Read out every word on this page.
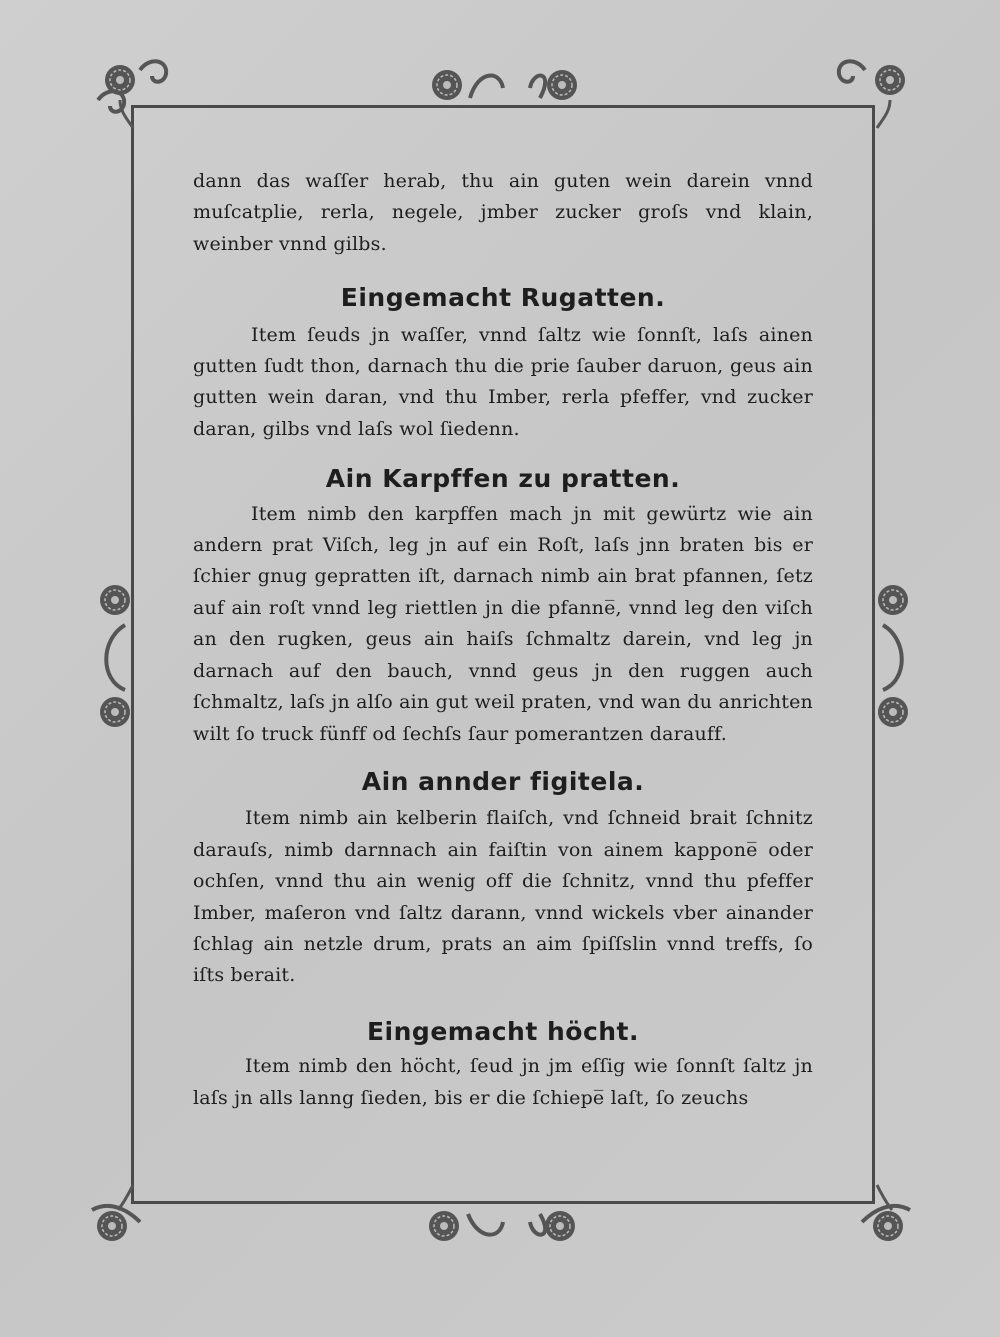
dann das waſſer herab, thu ain guten wein darein vnnd muſcatplie, rerla, negele, jmber zucker groſs vnd klain, weinber vnnd gilbs.

Eingemacht Rugatten.

Item ſeuds jn waſſer, vnnd ſaltz wie ſonnſt, laſs ainen gutten ſudt thon, darnach thu die prie ſauber daruon, geus ain gutten wein daran, vnd thu Imber, rerla pfeffer, vnd zucker daran, gilbs vnd laſs wol ſiedenn.

Ain Karpffen zu pratten.

Item nimb den karpffen mach jn mit gewürtz wie ain andern prat Viſch, leg jn auf ein Roſt, laſs jnn braten bis er ſchier gnug gepratten iſt, darnach nimb ain brat pfannen, ſetz auf ain roſt vnnd leg riettlen jn die pfanne̅, vnnd leg den viſch an den rugken, geus ain haiſs ſchmaltz darein, vnd leg jn darnach auf den bauch, vnnd geus jn den ruggen auch ſchmaltz, laſs jn alſo ain gut weil praten, vnd wan du anrichten wilt ſo truck fünff od ſechſs ſaur pomerantzen darauff.

Ain annder figitela.

Item nimb ain kelberin flaiſch, vnd ſchneid brait ſchnitz darauſs, nimb darnnach ain faiſtin von ainem kappone̅ oder ochſen, vnnd thu ain wenig off die ſchnitz, vnnd thu pfeffer Imber, maſeron vnd ſaltz darann, vnnd wickels vber ainander ſchlag ain netzle drum, prats an aim ſpiſſslin vnnd treffs, ſo iſts berait.

Eingemacht höcht.

Item nimb den höcht, ſeud jn jm eſſig wie ſonnſt ſaltz jn laſs jn alls lanng ſieden, bis er die ſchiepe̅ laſt, ſo zeuchs
